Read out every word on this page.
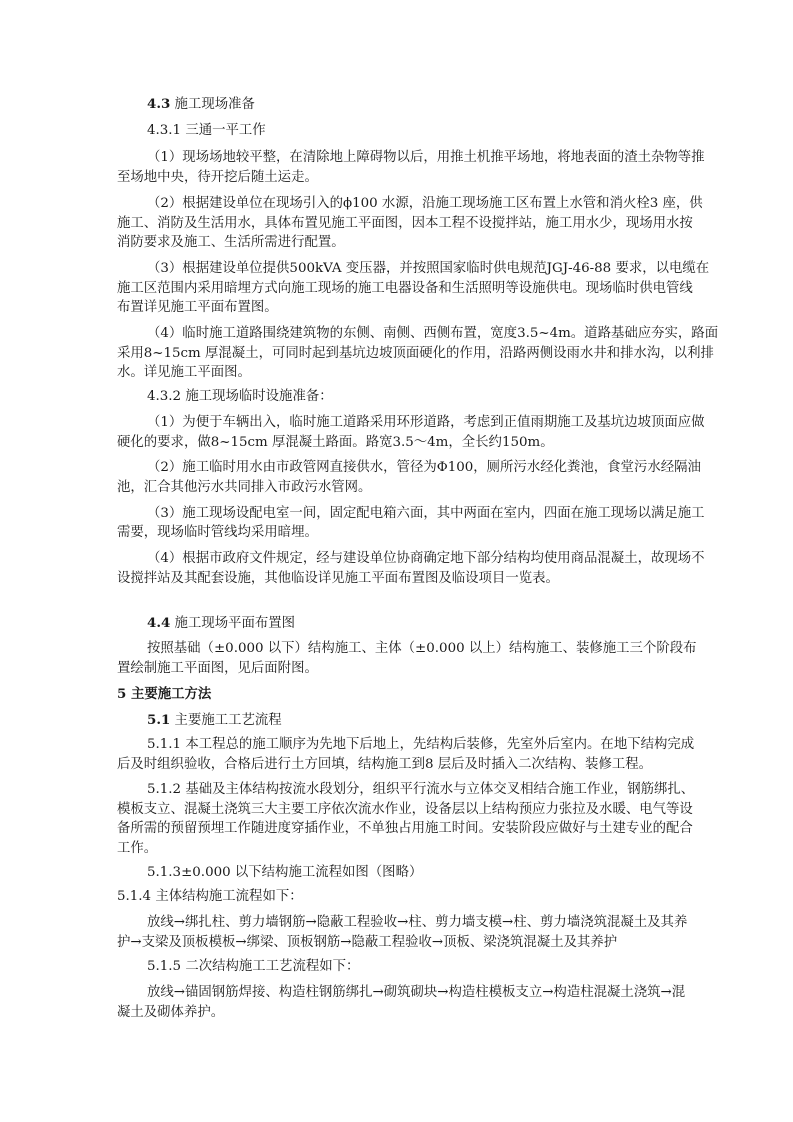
4.3 施工现场准备
4.3.1 三通一平工作
（1）现场场地较平整，在清除地上障碍物以后，用推土机推平场地，将地表面的渣土杂物等推
至场地中央，待开挖后随土运走。
（2）根据建设单位在现场引入的ϕ100 水源，沿施工现场施工区布置上水管和消火栓3 座，供
施工、消防及生活用水，具体布置见施工平面图，因本工程不设搅拌站，施工用水少，现场用水按
消防要求及施工、生活所需进行配置。
（3）根据建设单位提供500kVA 变压器，并按照国家临时供电规范JGJ-46-88 要求，以电缆在
施工区范围内采用暗埋方式向施工现场的施工电器设备和生活照明等设施供电。现场临时供电管线
布置详见施工平面布置图。
（4）临时施工道路围绕建筑物的东侧、南侧、西侧布置，宽度3.5~4m。道路基础应夯实，路面
采用8~15cm 厚混凝土，可同时起到基坑边坡顶面硬化的作用，沿路两侧设雨水井和排水沟，以利排
水。详见施工平面图。
4.3.2 施工现场临时设施准备：
（1）为便于车辆出入，临时施工道路采用环形道路，考虑到正值雨期施工及基坑边坡顶面应做
硬化的要求，做8~15cm 厚混凝土路面。路宽3.5～4m，全长约150m。
（2）施工临时用水由市政管网直接供水，管径为Φ100，厕所污水经化粪池，食堂污水经隔油
池，汇合其他污水共同排入市政污水管网。
（3）施工现场设配电室一间，固定配电箱六面，其中两面在室内，四面在施工现场以满足施工
需要，现场临时管线均采用暗埋。
（4）根据市政府文件规定，经与建设单位协商确定地下部分结构均使用商品混凝土，故现场不
设搅拌站及其配套设施，其他临设详见施工平面布置图及临设项目一览表。
4.4 施工现场平面布置图
按照基础（±0.000 以下）结构施工、主体（±0.000 以上）结构施工、装修施工三个阶段布
置绘制施工平面图，见后面附图。
5 主要施工方法
5.1 主要施工工艺流程
5.1.1 本工程总的施工顺序为先地下后地上，先结构后装修，先室外后室内。在地下结构完成
后及时组织验收，合格后进行土方回填，结构施工到8 层后及时插入二次结构、装修工程。
5.1.2 基础及主体结构按流水段划分，组织平行流水与立体交叉相结合施工作业，钢筋绑扎、
模板支立、混凝土浇筑三大主要工序依次流水作业，设备层以上结构预应力张拉及水暖、电气等设
备所需的预留预埋工作随进度穿插作业，不单独占用施工时间。安装阶段应做好与土建专业的配合
工作。
5.1.3±0.000 以下结构施工流程如图（图略）
5.1.4 主体结构施工流程如下：
放线→绑扎柱、剪力墙钢筋→隐蔽工程验收→柱、剪力墙支模→柱、剪力墙浇筑混凝土及其养
护→支梁及顶板模板→绑梁、顶板钢筋→隐蔽工程验收→顶板、梁浇筑混凝土及其养护
5.1.5 二次结构施工工艺流程如下：
放线→锚固钢筋焊接、构造柱钢筋绑扎→砌筑砌块→构造柱模板支立→构造柱混凝土浇筑→混
凝土及砌体养护。
